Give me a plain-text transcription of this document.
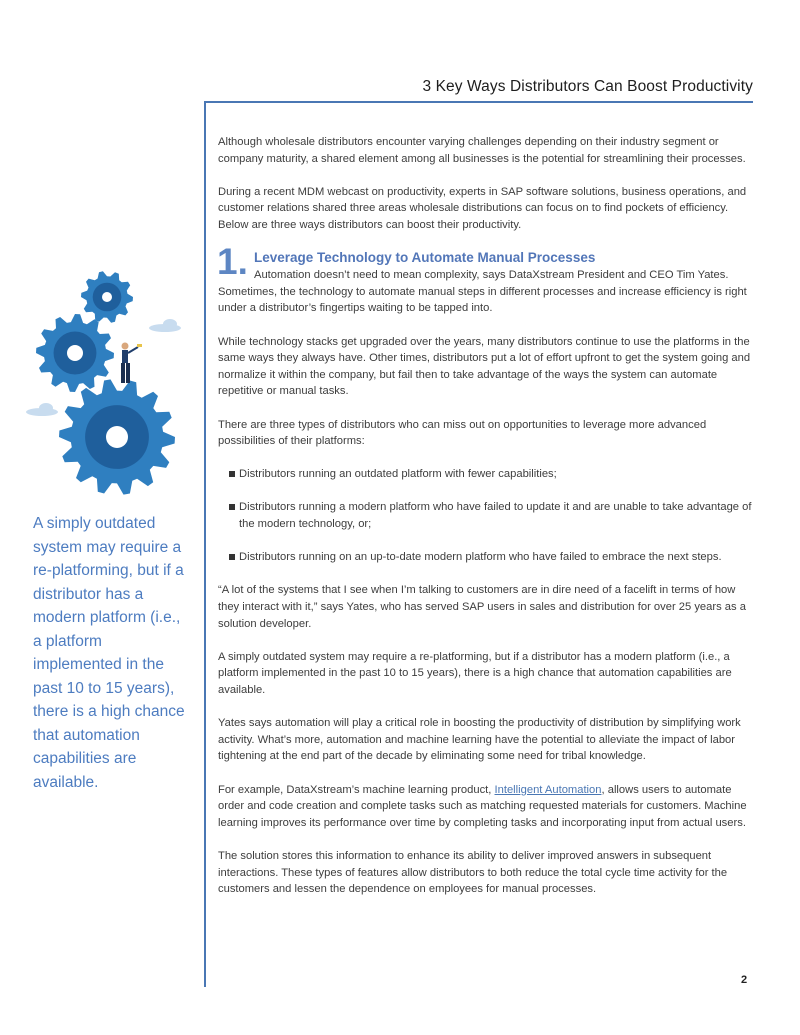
3 Key Ways Distributors Can Boost Productivity
A simply outdated system may require a re-platforming, but if a distributor has a modern platform (i.e., a platform implemented in the past 10 to 15 years), there is a high chance that automation capabilities are available.

Although wholesale distributors encounter varying challenges depending on their industry segment or company maturity, a shared element among all businesses is the potential for streamlining their processes.

During a recent MDM webcast on productivity, experts in SAP software solutions, business operations, and customer relations shared three areas wholesale distributions can focus on to find pockets of efficiency. Below are three ways distributors can boost their productivity.

1. Leverage Technology to Automate Manual Processes

Automation doesn’t need to mean complexity, says DataXstream President and CEO Tim Yates. Sometimes, the technology to automate manual steps in different processes and increase efficiency is right under a distributor’s fingertips waiting to be tapped into.

While technology stacks get upgraded over the years, many distributors continue to use the platforms in the same ways they always have. Other times, distributors put a lot of effort upfront to get the system going and normalize it within the company, but fail then to take advantage of the ways the system can automate repetitive or manual tasks.

There are three types of distributors who can miss out on opportunities to leverage more advanced possibilities of their platforms:

Distributors running an outdated platform with fewer capabilities;
Distributors running a modern platform who have failed to update it and are unable to take advantage of the modern technology, or;
Distributors running on an up-to-date modern platform who have failed to embrace the next steps.

“A lot of the systems that I see when I’m talking to customers are in dire need of a facelift in terms of how they interact with it,” says Yates, who has served SAP users in sales and distribution for over 25 years as a solution developer.

A simply outdated system may require a re-platforming, but if a distributor has a modern platform (i.e., a platform implemented in the past 10 to 15 years), there is a high chance that automation capabilities are available.

Yates says automation will play a critical role in boosting the productivity of distribution by simplifying work activity. What’s more, automation and machine learning have the potential to alleviate the impact of labor tightening at the end part of the decade by eliminating some need for tribal knowledge.

For example, DataXstream’s machine learning product, Intelligent Automation, allows users to automate order and code creation and complete tasks such as matching requested materials for customers. Machine learning improves its performance over time by completing tasks and incorporating input from actual users.

The solution stores this information to enhance its ability to deliver improved answers in subsequent interactions. These types of features allow distributors to both reduce the total cycle time activity for the customers and lessen the dependence on employees for manual processes.

2
